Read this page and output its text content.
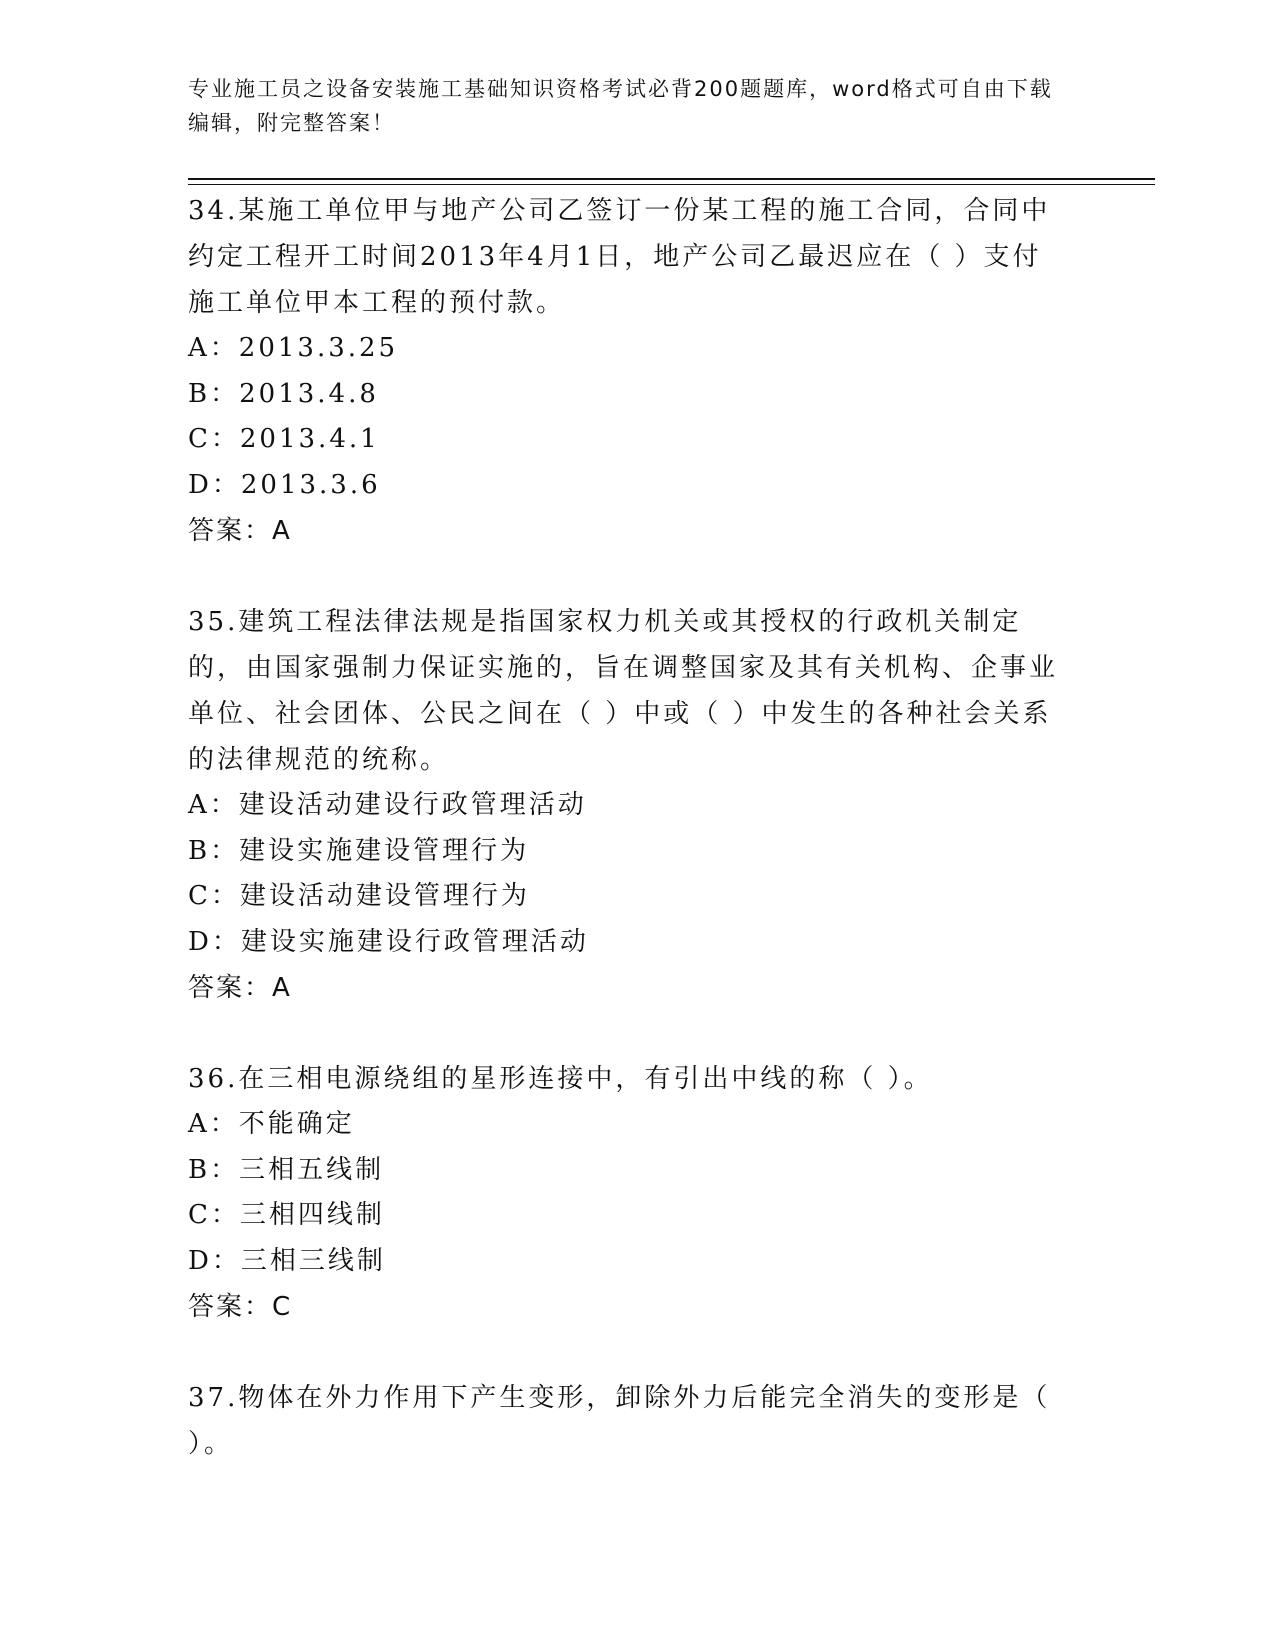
专业施工员之设备安装施工基础知识资格考试必背200题题库，word格式可自由下载编辑，附完整答案！

34.某施工单位甲与地产公司乙签订一份某工程的施工合同，合同中约定工程开工时间2013年4月1日，地产公司乙最迟应在（ ）支付施工单位甲本工程的预付款。

A：2013.3.25

B：2013.4.8

C：2013.4.1

D：2013.3.6

答案：A

35.建筑工程法律法规是指国家权力机关或其授权的行政机关制定的，由国家强制力保证实施的，旨在调整国家及其有关机构、企事业单位、社会团体、公民之间在（ ）中或（ ）中发生的各种社会关系的法律规范的统称。

A：建设活动建设行政管理活动

B：建设实施建设管理行为

C：建设活动建设管理行为

D：建设实施建设行政管理活动

答案：A

36.在三相电源绕组的星形连接中，有引出中线的称（ ）。

A：不能确定

B：三相五线制

C：三相四线制

D：三相三线制

答案：C

37.物体在外力作用下产生变形，卸除外力后能完全消失的变形是（ ）。
